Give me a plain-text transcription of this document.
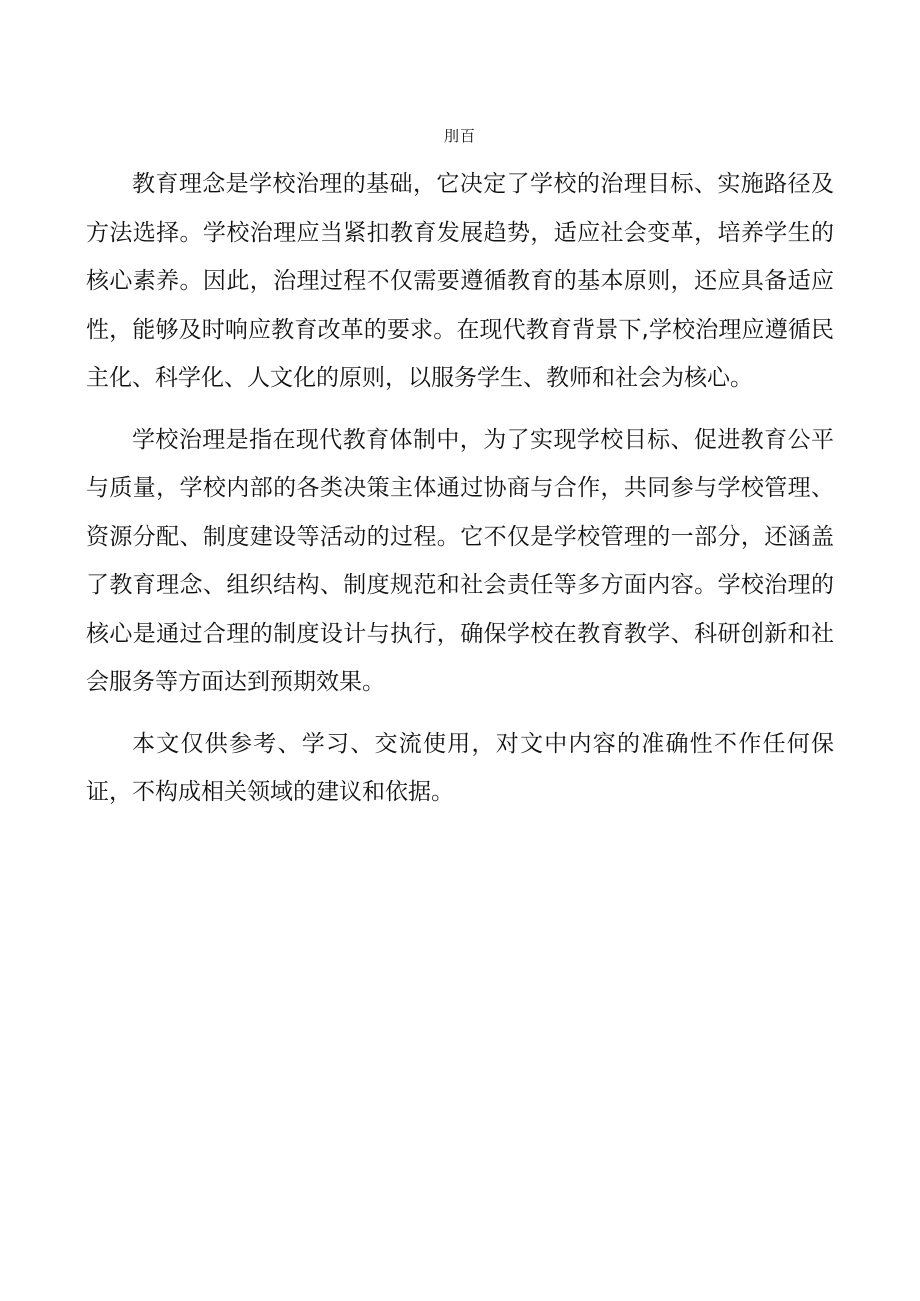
刖百

教育理念是学校治理的基础，它决定了学校的治理目标、实施路径及方法选择。学校治理应当紧扣教育发展趋势，适应社会变革，培养学生的核心素养。因此，治理过程不仅需要遵循教育的基本原则，还应具备适应性，能够及时响应教育改革的要求。在现代教育背景下,学校治理应遵循民主化、科学化、人文化的原则，以服务学生、教师和社会为核心。

学校治理是指在现代教育体制中，为了实现学校目标、促进教育公平与质量，学校内部的各类决策主体通过协商与合作，共同参与学校管理、资源分配、制度建设等活动的过程。它不仅是学校管理的一部分，还涵盖了教育理念、组织结构、制度规范和社会责任等多方面内容。学校治理的核心是通过合理的制度设计与执行，确保学校在教育教学、科研创新和社会服务等方面达到预期效果。

本文仅供参考、学习、交流使用，对文中内容的准确性不作任何保证，不构成相关领域的建议和依据。
